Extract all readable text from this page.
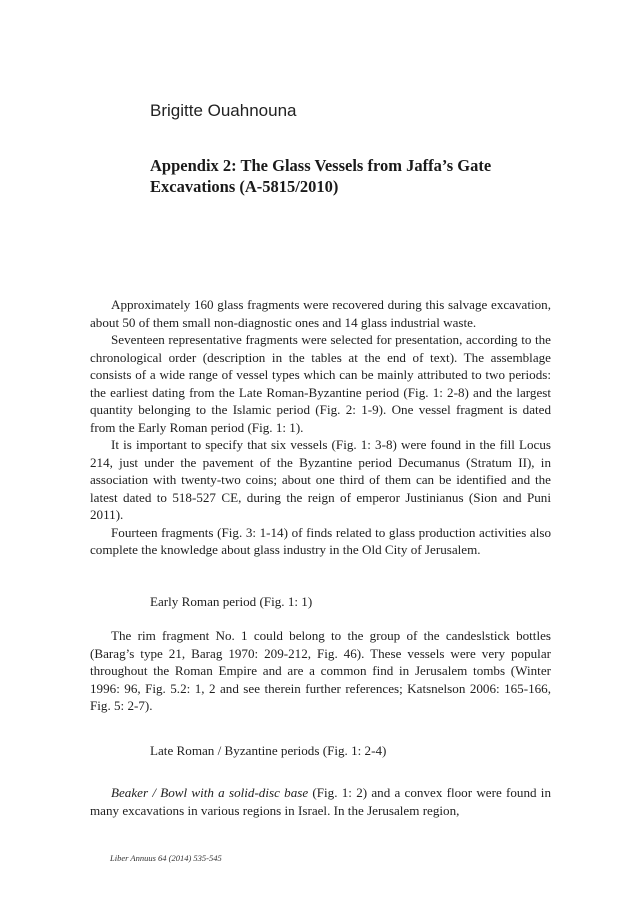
Brigitte Ouahnouna
Appendix 2: The Glass Vessels from Jaffa’s Gate
Excavations (A-5815/2010)

Approximately 160 glass fragments were recovered during this salvage excavation, about 50 of them small non-diagnostic ones and 14 glass industrial waste.

Seventeen representative fragments were selected for presentation, according to the chronological order (description in the tables at the end of text). The assemblage consists of a wide range of vessel types which can be mainly attributed to two periods: the earliest dating from the Late Roman-Byzantine period (Fig. 1: 2-8) and the largest quantity belonging to the Islamic period (Fig. 2: 1-9). One vessel fragment is dated from the Early Roman period (Fig. 1: 1).

It is important to specify that six vessels (Fig. 1: 3-8) were found in the fill Locus 214, just under the pavement of the Byzantine period Decumanus (Stratum II), in association with twenty-two coins; about one third of them can be identified and the latest dated to 518-527 CE, during the reign of emperor Justinianus (Sion and Puni 2011).

Fourteen fragments (Fig. 3: 1-14) of finds related to glass production activities also complete the knowledge about glass industry in the Old City of Jerusalem.

Early Roman period (Fig. 1: 1)

The rim fragment No. 1 could belong to the group of the candeslstick bottles (Barag’s type 21, Barag 1970: 209-212, Fig. 46). These vessels were very popular throughout the Roman Empire and are a common find in Jerusalem tombs (Winter 1996: 96, Fig. 5.2: 1, 2 and see therein further references; Katsnelson 2006: 165-166, Fig. 5: 2-7).

Late Roman / Byzantine periods (Fig. 1: 2-4)

Beaker / Bowl with a solid-disc base (Fig. 1: 2) and a convex floor were found in many excavations in various regions in Israel. In the Jerusalem region,

Liber Annuus 64 (2014) 535-545
